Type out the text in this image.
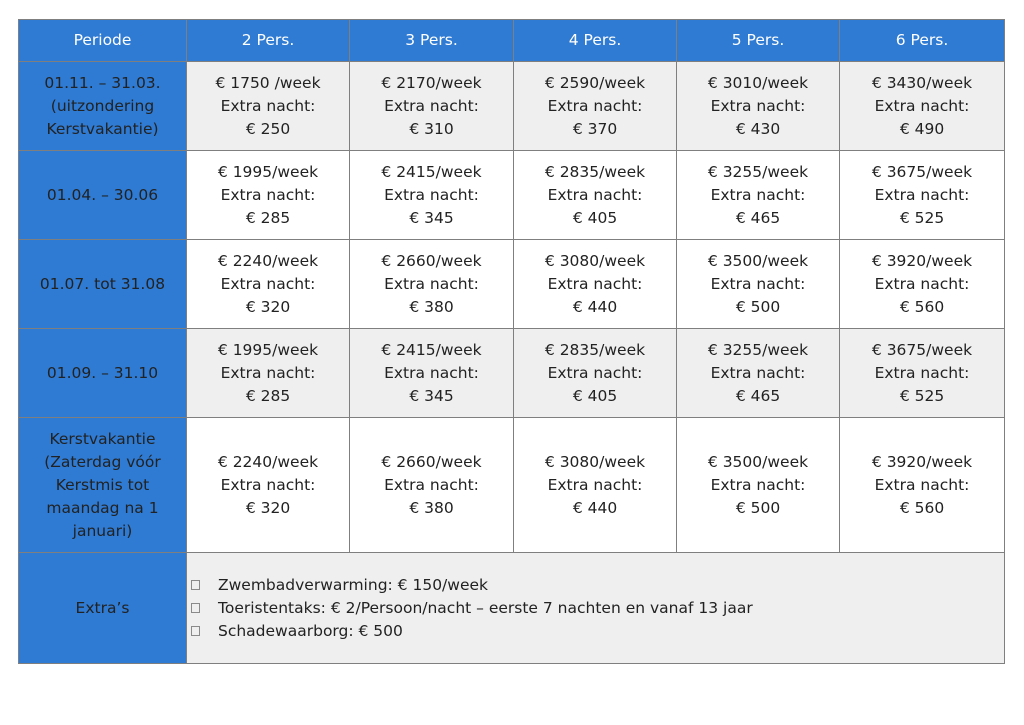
Periode	2 Pers.	3 Pers.	4 Pers.	5 Pers.	6 Pers.

01.11. – 31.03.
(uitzondering
Kerstvakantie)	€ 1750 /week
Extra nacht:
€ 250	€ 2170/week
Extra nacht:
€ 310	€ 2590/week
Extra nacht:
€ 370	€ 3010/week
Extra nacht:
€ 430	€ 3430/week
Extra nacht:
€ 490

01.04. – 30.06	€ 1995/week
Extra nacht:
€ 285	€ 2415/week
Extra nacht:
€ 345	€ 2835/week
Extra nacht:
€ 405	€ 3255/week
Extra nacht:
€ 465	€ 3675/week
Extra nacht:
€ 525

01.07. tot 31.08	€ 2240/week
Extra nacht:
€ 320	€ 2660/week
Extra nacht:
€ 380	€ 3080/week
Extra nacht:
€ 440	€ 3500/week
Extra nacht:
€ 500	€ 3920/week
Extra nacht:
€ 560

01.09. – 31.10	€ 1995/week
Extra nacht:
€ 285	€ 2415/week
Extra nacht:
€ 345	€ 2835/week
Extra nacht:
€ 405	€ 3255/week
Extra nacht:
€ 465	€ 3675/week
Extra nacht:
€ 525

Kerstvakantie
(Zaterdag vóór
Kerstmis tot
maandag na 1
januari)	€ 2240/week
Extra nacht:
€ 320	€ 2660/week
Extra nacht:
€ 380	€ 3080/week
Extra nacht:
€ 440	€ 3500/week
Extra nacht:
€ 500	€ 3920/week
Extra nacht:
€ 560

Extra’s	Zwembadverwarming: € 150/week
Toeristentaks: € 2/Persoon/nacht – eerste 7 nachten en vanaf 13 jaar
Schadewaarborg: € 500				
